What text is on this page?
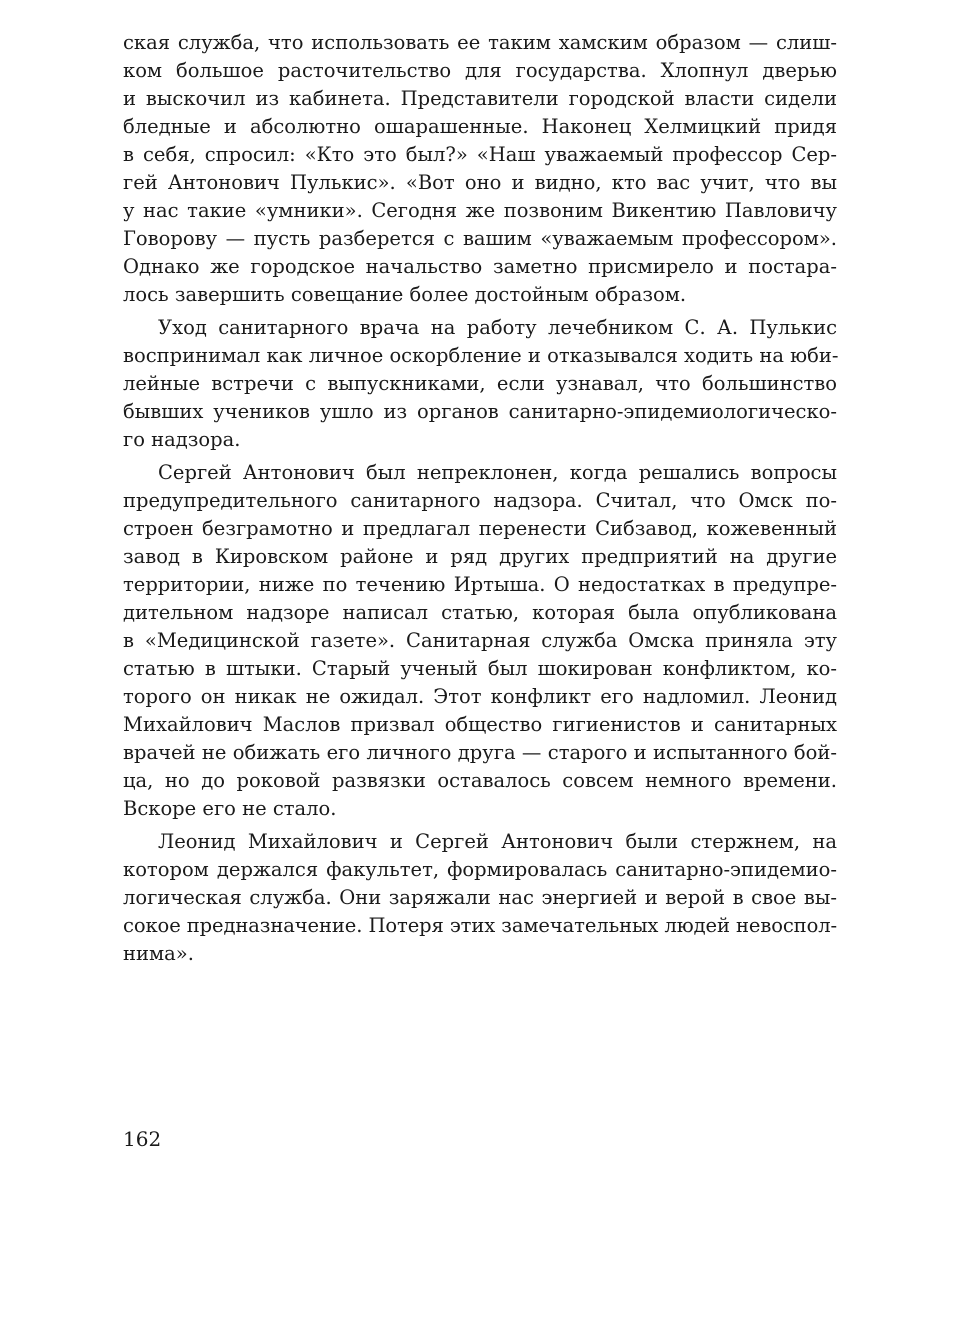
ская служба, что использовать ее таким хамским образом — слиш-
ком большое расточительство для государства. Хлопнул дверью
и выскочил из кабинета. Представители городской власти сидели
бледные и абсолютно ошарашенные. Наконец Хелмицкий придя
в себя, спросил: «Кто это был?» «Наш уважаемый профессор Сер-
гей Антонович Пулькис». «Вот оно и видно, кто вас учит, что вы
у нас такие «умники». Сегодня же позвоним Викентию Павловичу
Говорову — пусть разберется с вашим «уважаемым профессором».
Однако же городское начальство заметно присмирело и постара-
лось завершить совещание более достойным образом.
Уход санитарного врача на работу лечебником С. А. Пулькис
воспринимал как личное оскорбление и отказывался ходить на юби-
лейные встречи с выпускниками, если узнавал, что большинство
бывших учеников ушло из органов санитарно-эпидемиологическо-
го надзора.
Сергей Антонович был непреклонен, когда решались вопросы
предупредительного санитарного надзора. Считал, что Омск по-
строен безграмотно и предлагал перенести Сибзавод, кожевенный
завод в Кировском районе и ряд других предприятий на другие
территории, ниже по течению Иртыша. О недостатках в предупре-
дительном надзоре написал статью, которая была опубликована
в «Медицинской газете». Санитарная служба Омска приняла эту
статью в штыки. Старый ученый был шокирован конфликтом, ко-
торого он никак не ожидал. Этот конфликт его надломил. Леонид
Михайлович Маслов призвал общество гигиенистов и санитарных
врачей не обижать его личного друга — старого и испытанного бой-
ца, но до роковой развязки оставалось совсем немного времени.
Вскоре его не стало.
Леонид Михайлович и Сергей Антонович были стержнем, на
котором держался факультет, формировалась санитарно-эпидемио-
логическая служба. Они заряжали нас энергией и верой в свое вы-
сокое предназначение. Потеря этих замечательных людей невоспол-
нима».
162
